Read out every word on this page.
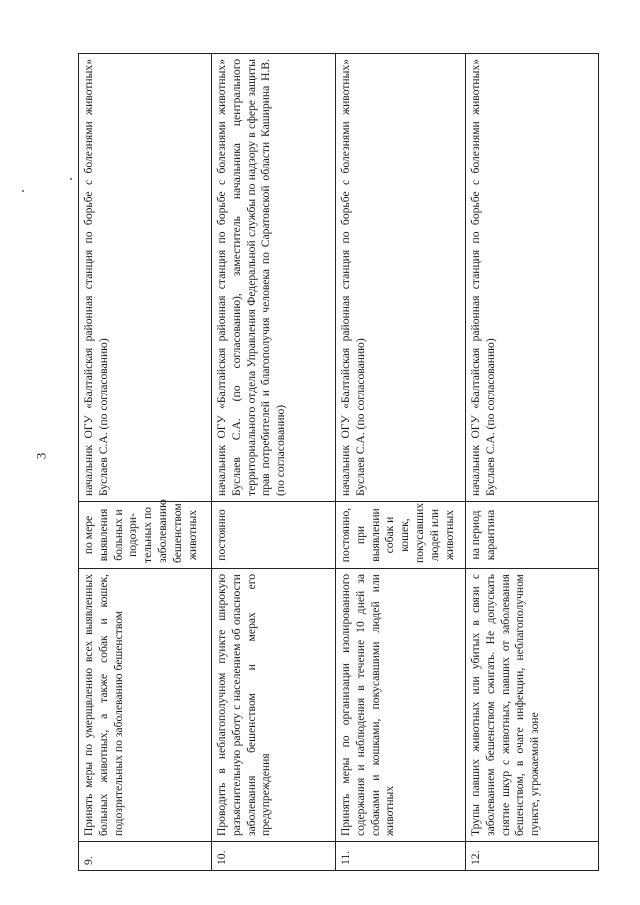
3
9.	Принять меры по умерщвлению всех выявленных больных животных, а также собак и кошек, подозрительных по заболеванию бешенством	по мере выявления больных и подозри-тельных по заболеванию бешенством животных	начальник ОГУ «Балтайская районная станция по борьбе с болезнями животных» Буслаев С.А. (по согласованию)
10.	Проводить в неблагополучном пункте широкую разъяснительную работу с населением об опасности заболевания бешенством и мерах его предупреждения	постоянно	начальник ОГУ «Балтайская районная станция по борьбе с болезнями животных» Буслаев С.А. (по согласованию), заместитель начальника центрального территориального отдела Управления Федеральной службы по надзору в сфере защиты прав потребителей и благополучия человека по Саратовской области Каширина Н.В. (по согласованию)
11.	Принять меры по организации изолированного содержания и наблюдения в течение 10 дней за собаками и кошками, покусавшими людей или животных	постоянно, при выявлении собак и кошек, покусавших людей или животных	начальник ОГУ «Балтайская районная станция по борьбе с болезнями животных» Буслаев С.А. (по согласованию)
12.	Трупы павших животных или убитых в связи с заболеванием бешенством сжигать. Не допускать снятие шкур с животных, павших от заболевания бешенством, в очаге инфекции, неблагополучном пункте, угрожаемой зоне	на период карантина	начальник ОГУ «Балтайская районная станция по борьбе с болезнями животных» Буслаев С.А. (по согласованию)
